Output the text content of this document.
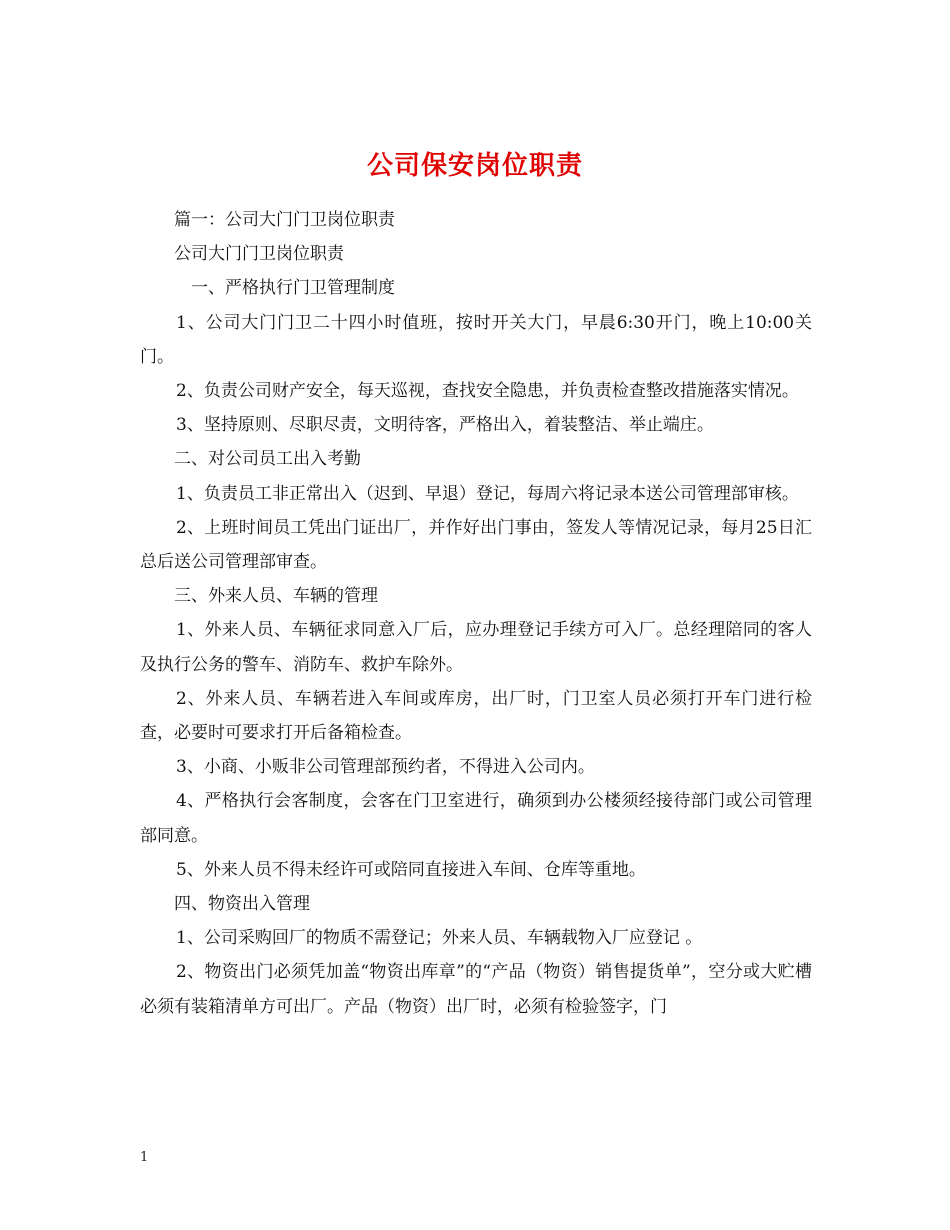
公司保安岗位职责

篇一：公司大门门卫岗位职责

公司大门门卫岗位职责

一、严格执行门卫管理制度

1、公司大门门卫二十四小时值班，按时开关大门，早晨6:30开门，晚上10:00关门。

2、负责公司财产安全，每天巡视，查找安全隐患，并负责检查整改措施落实情况。

3、坚持原则、尽职尽责，文明待客，严格出入，着装整洁、举止端庄。

二、对公司员工出入考勤

1、负责员工非正常出入（迟到、早退）登记，每周六将记录本送公司管理部审核。

2、上班时间员工凭出门证出厂，并作好出门事由，签发人等情况记录，每月25日汇总后送公司管理部审查。

三、外来人员、车辆的管理

1、外来人员、车辆征求同意入厂后，应办理登记手续方可入厂。总经理陪同的客人及执行公务的警车、消防车、救护车除外。

2、外来人员、车辆若进入车间或库房，出厂时，门卫室人员必须打开车门进行检查，必要时可要求打开后备箱检查。

3、小商、小贩非公司管理部预约者，不得进入公司内。

4、严格执行会客制度，会客在门卫室进行，确须到办公楼须经接待部门或公司管理部同意。

5、外来人员不得未经许可或陪同直接进入车间、仓库等重地。

四、物资出入管理

1、公司采购回厂的物质不需登记；外来人员、车辆载物入厂应登记 。

2、物资出门必须凭加盖“物资出库章”的“产品（物资）销售提货单”，空分或大贮槽必须有装箱清单方可出厂。产品（物资）出厂时，必须有检验签字，门

1
